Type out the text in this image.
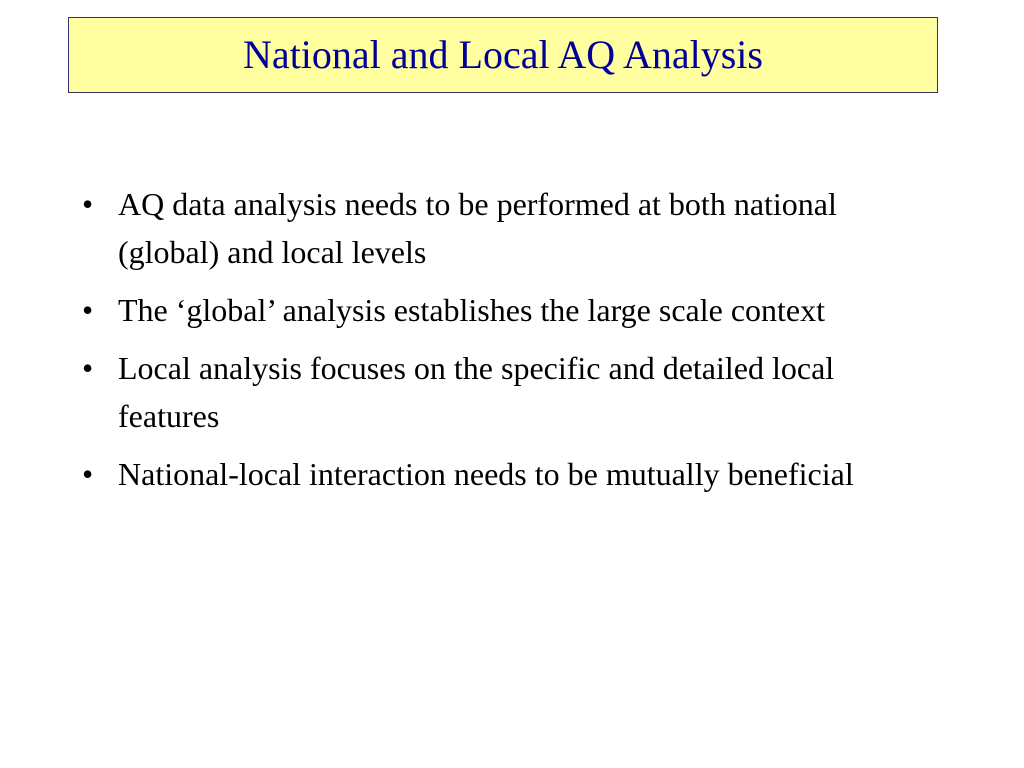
National and Local AQ Analysis
• AQ data analysis needs to be performed at both national (global) and local levels
• The ‘global’ analysis establishes the large scale context
• Local analysis focuses on the specific and detailed local features
• National-local interaction needs to be mutually beneficial
